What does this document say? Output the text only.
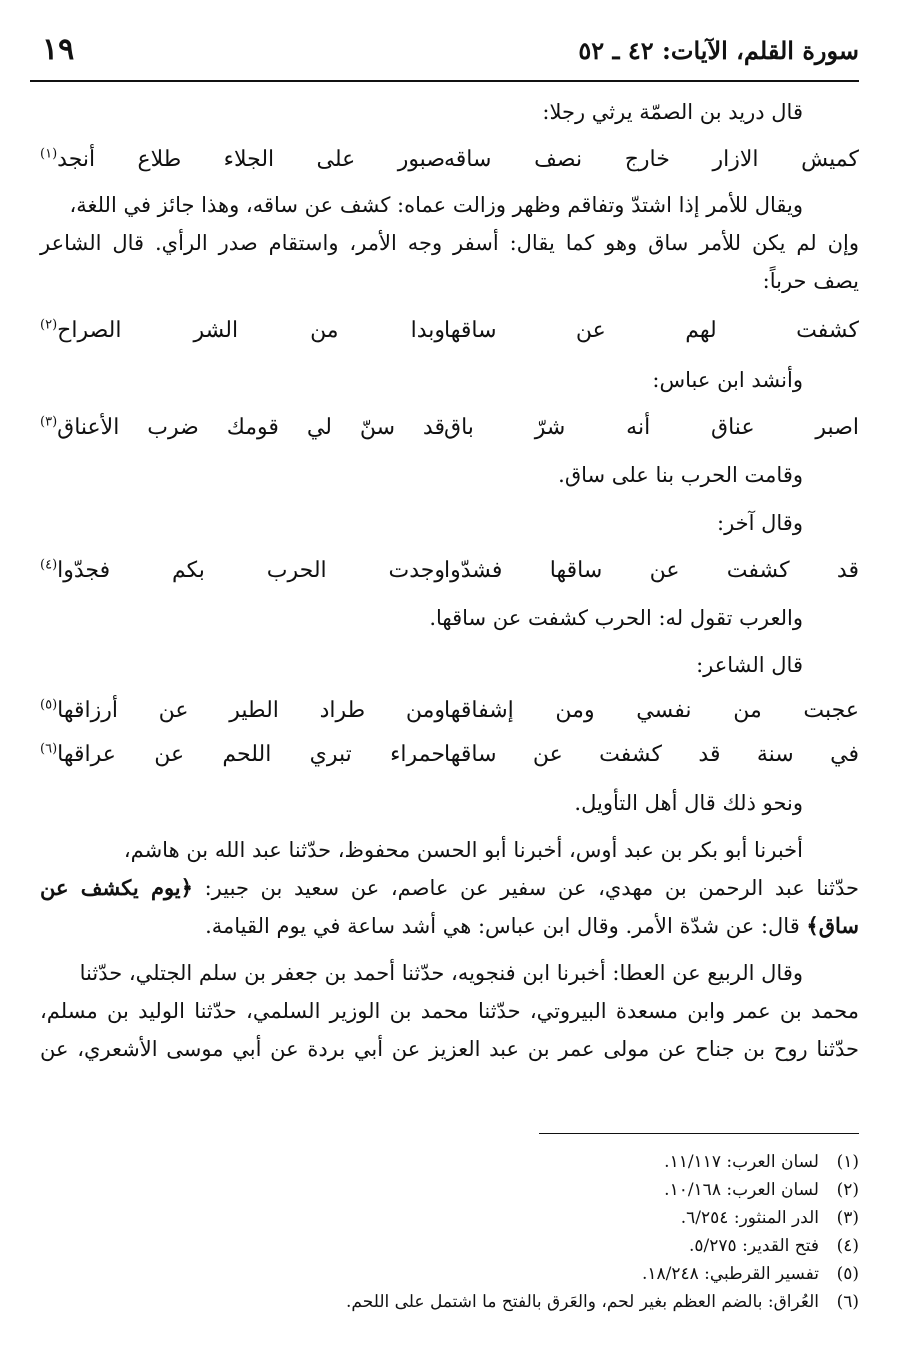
١٩	سورة القلم، الآيات: ٤٢ ـ ٥٢
قال دريد بن الصمّة يرثي رجلا:
كميش الازار خارج نصف ساقه
صبور على الجلاء طلاع أنجد$^{(١)}$
ويقال للأمر إذا اشتدّ وتفاقم وظهر وزالت عماه: كشف عن ساقه، وهذا جائز في اللغة،
وإن لم يكن للأمر ساق وهو كما يقال: أسفر وجه الأمر، واستقام صدر الرأي. قال الشاعر
يصف حرباً:
كشفت لهم عن ساقها
وبدا من الشر الصراح$^{(٢)}$
وأنشد ابن عباس:
اصبر عناق أنه شرّ باق
قد سنّ لي قومك ضرب الأعناق$^{(٣)}$
وقامت الحرب بنا على ساق.
وقال آخر:
قد كشفت عن ساقها فشدّوا
وجدت الحرب بكم فجدّوا$^{(٤)}$
والعرب تقول له: الحرب كشفت عن ساقها.
قال الشاعر:
عجبت من نفسي ومن إشفاقها
ومن طراد الطير عن أرزاقها$^{(٥)}$
في سنة قد كشفت عن ساقها
حمراء تبري اللحم عن عراقها$^{(٦)}$
ونحو ذلك قال أهل التأويل.
أخبرنا أبو بكر بن عبد أوس، أخبرنا أبو الحسن محفوظ، حدّثنا عبد الله بن هاشم،
حدّثنا عبد الرحمن بن مهدي، عن سفير عن عاصم، عن سعيد بن جبير: ﴿يوم يكشف عن
ساق﴾ قال: عن شدّة الأمر. وقال ابن عباس: هي أشد ساعة في يوم القيامة.
وقال الربيع عن العطا: أخبرنا ابن فنجويه، حدّثنا أحمد بن جعفر بن سلم الجتلي، حدّثنا
محمد بن عمر وابن مسعدة البيروتي، حدّثنا محمد بن الوزير السلمي، حدّثنا الوليد بن مسلم،
حدّثنا روح بن جناح عن مولى عمر بن عبد العزيز عن أبي بردة عن أبي موسى الأشعري، عن
(١)لسان العرب: ١١/١١٧.
(٢)لسان العرب: ١٠/١٦٨.
(٣)الدر المنثور: ٦/٢٥٤.
(٤)فتح القدير: ٥/٢٧٥.
(٥)تفسير القرطبي: ١٨/٢٤٨.
(٦)العُراق: بالضم العظم بغير لحم، والعَرق بالفتح ما اشتمل على اللحم.
